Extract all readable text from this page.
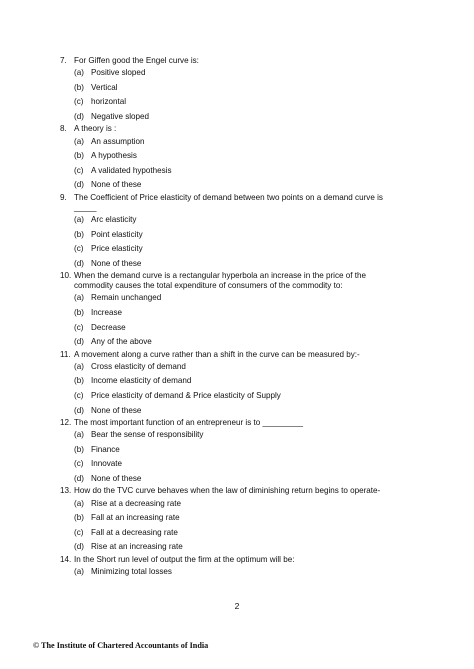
7. For Giffen good the Engel curve is:
(a) Positive sloped
(b) Vertical
(c) horizontal
(d) Negative sloped
8. A theory is :
(a) An assumption
(b) A hypothesis
(c) A validated hypothesis
(d) None of these
9. The Coefficient of Price elasticity of demand between two points on a demand curve is _____
(a) Arc elasticity
(b) Point elasticity
(c) Price elasticity
(d) None of these
10. When the demand curve is a rectangular hyperbola an increase in the price of the commodity causes the total expenditure of consumers of the commodity to:
(a) Remain unchanged
(b) Increase
(c) Decrease
(d) Any of the above
11. A movement along a curve rather than a shift in the curve can be measured by:-
(a) Cross elasticity of demand
(b) Income elasticity of demand
(c) Price elasticity of demand & Price elasticity of Supply
(d) None of these
12. The most important function of an entrepreneur is to _________
(a) Bear the sense of responsibility
(b) Finance
(c) Innovate
(d) None of these
13. How do the TVC curve behaves when the law of diminishing return begins to operate-
(a) Rise at a decreasing rate
(b) Fall at an increasing rate
(c) Fall at a decreasing rate
(d) Rise at an increasing rate
14. In the Short run level of output the firm at the optimum will be:
(a) Minimizing total losses
2
© The Institute of Chartered Accountants of India
